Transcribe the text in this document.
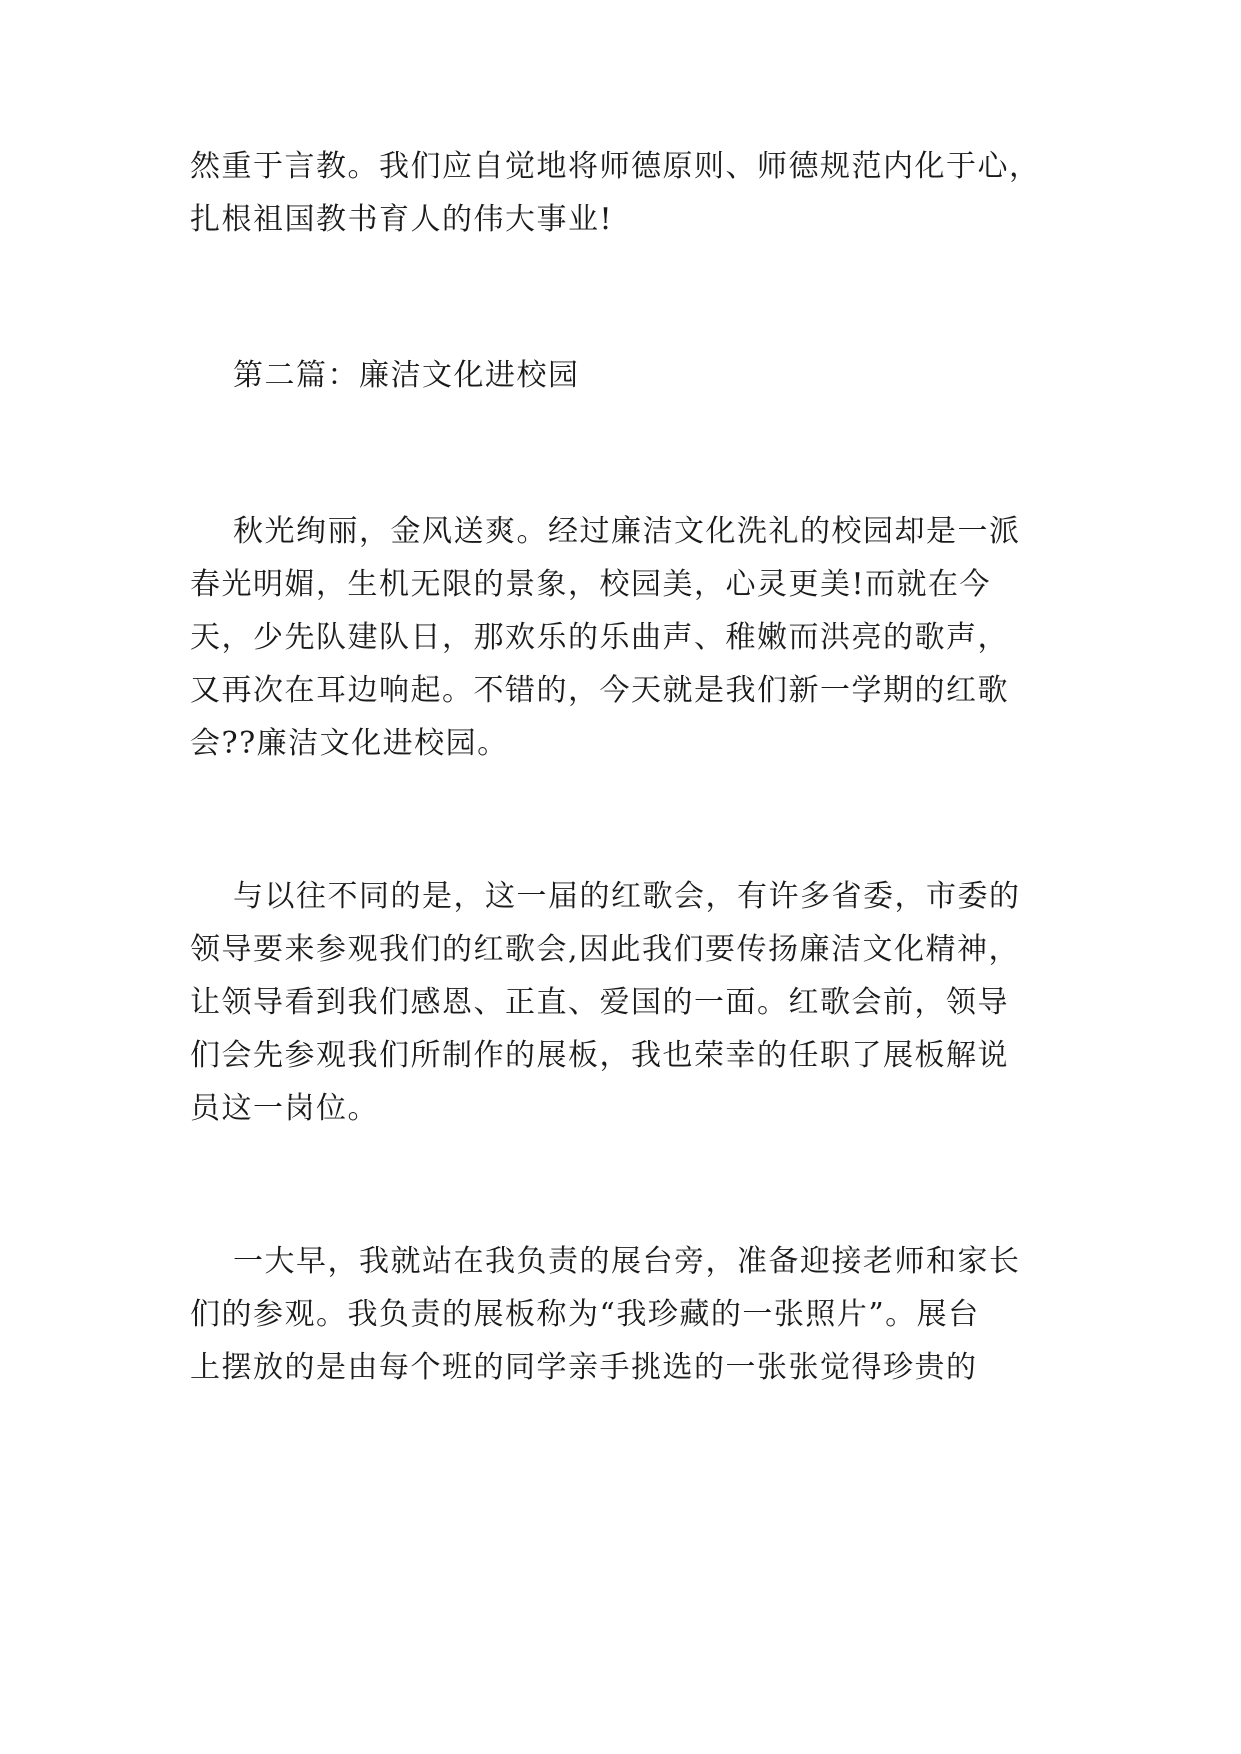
然重于言教。我们应自觉地将师德原则、师德规范内化于心，
扎根祖国教书育人的伟大事业!
第二篇：廉洁文化进校园
秋光绚丽，金风送爽。经过廉洁文化洗礼的校园却是一派
春光明媚，生机无限的景象，校园美，心灵更美!而就在今
天，少先队建队日，那欢乐的乐曲声、稚嫩而洪亮的歌声，
又再次在耳边响起。不错的，今天就是我们新一学期的红歌
会??廉洁文化进校园。
与以往不同的是，这一届的红歌会，有许多省委，市委的
领导要来参观我们的红歌会,因此我们要传扬廉洁文化精神，
让领导看到我们感恩、正直、爱国的一面。红歌会前，领导
们会先参观我们所制作的展板，我也荣幸的任职了展板解说
员这一岗位。
一大早，我就站在我负责的展台旁，准备迎接老师和家长
们的参观。我负责的展板称为“我珍藏的一张照片”。展台
上摆放的是由每个班的同学亲手挑选的一张张觉得珍贵的
